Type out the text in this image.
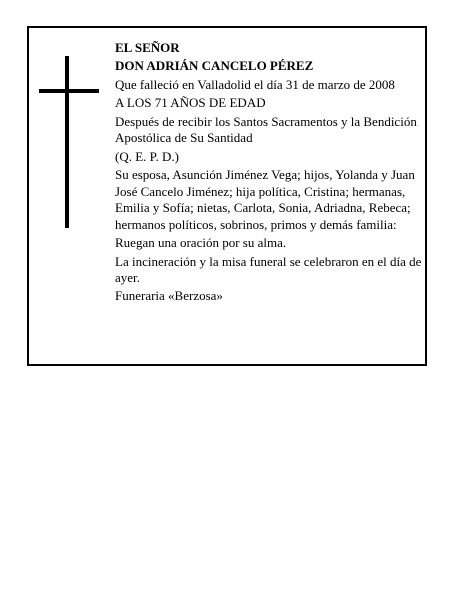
EL SEÑOR

DON ADRIÁN CANCELO PÉREZ

Que falleció en Valladolid el día 31 de marzo de 2008

A LOS 71 AÑOS DE EDAD

Después de recibir los Santos Sacramentos y la Bendición Apostólica de Su Santidad

(Q. E. P. D.)

Su esposa, Asunción Jiménez Vega; hijos, Yolanda y Juan José Cancelo Jiménez; hija política, Cristina; hermanas, Emilia y Sofía; nietas, Carlota, Sonia, Adriadna, Rebeca; hermanos políticos, sobrinos, primos y demás familia:

Ruegan una oración por su alma.

La incineración y la misa funeral se celebraron en el día de ayer.

Funeraria «Berzosa»
